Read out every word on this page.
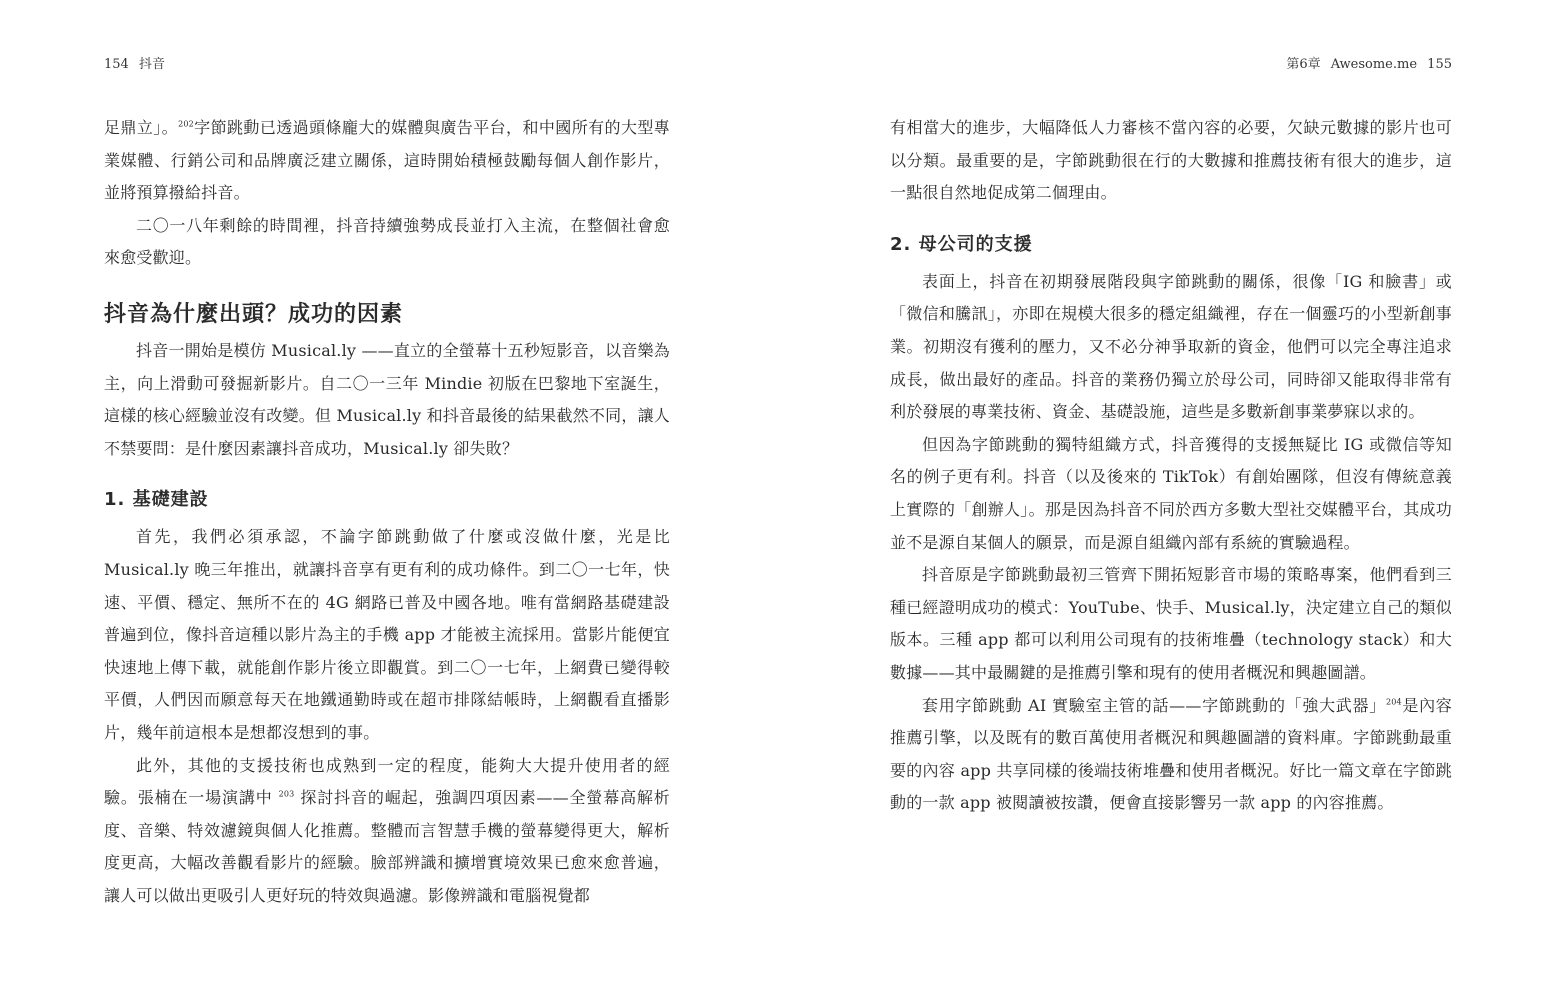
154 抖音

足鼎立」。$^{202}$字節跳動已透過頭條龐大的媒體與廣告平台，和中國所有的大型專業媒體、行銷公司和品牌廣泛建立關係，這時開始積極鼓勵每個人創作影片，並將預算撥給抖音。

二〇一八年剩餘的時間裡，抖音持續強勢成長並打入主流，在整個社會愈來愈受歡迎。

抖音為什麼出頭？成功的因素

抖音一開始是模仿 Musical.ly ——直立的全螢幕十五秒短影音，以音樂為主，向上滑動可發掘新影片。自二〇一三年 Mindie 初版在巴黎地下室誕生，這樣的核心經驗並沒有改變。但 Musical.ly 和抖音最後的結果截然不同，讓人不禁要問：是什麼因素讓抖音成功，Musical.ly 卻失敗？

1. 基礎建設

首先，我們必須承認，不論字節跳動做了什麼或沒做什麼，光是比 Musical.ly 晚三年推出，就讓抖音享有更有利的成功條件。到二〇一七年，快速、平價、穩定、無所不在的 4G 網路已普及中國各地。唯有當網路基礎建設普遍到位，像抖音這種以影片為主的手機 app 才能被主流採用。當影片能便宜快速地上傳下載，就能創作影片後立即觀賞。到二〇一七年，上網費已變得較平價，人們因而願意每天在地鐵通勤時或在超市排隊結帳時，上網觀看直播影片，幾年前這根本是想都沒想到的事。

此外，其他的支援技術也成熟到一定的程度，能夠大大提升使用者的經驗。張楠在一場演講中 $^{203}$ 探討抖音的崛起，強調四項因素——全螢幕高解析度、音樂、特效濾鏡與個人化推薦。整體而言智慧手機的螢幕變得更大，解析度更高，大幅改善觀看影片的經驗。臉部辨識和擴增實境效果已愈來愈普遍，讓人可以做出更吸引人更好玩的特效與過濾。影像辨識和電腦視覺都

第6章 Awesome.me 155

有相當大的進步，大幅降低人力審核不當內容的必要，欠缺元數據的影片也可以分類。最重要的是，字節跳動很在行的大數據和推薦技術有很大的進步，這一點很自然地促成第二個理由。

2. 母公司的支援

表面上，抖音在初期發展階段與字節跳動的關係，很像「IG 和臉書」或「微信和騰訊」，亦即在規模大很多的穩定組織裡，存在一個靈巧的小型新創事業。初期沒有獲利的壓力，又不必分神爭取新的資金，他們可以完全專注追求成長，做出最好的產品。抖音的業務仍獨立於母公司，同時卻又能取得非常有利於發展的專業技術、資金、基礎設施，這些是多數新創事業夢寐以求的。

但因為字節跳動的獨特組織方式，抖音獲得的支援無疑比 IG 或微信等知名的例子更有利。抖音（以及後來的 TikTok）有創始團隊，但沒有傳統意義上實際的「創辦人」。那是因為抖音不同於西方多數大型社交媒體平台，其成功並不是源自某個人的願景，而是源自組織內部有系統的實驗過程。

抖音原是字節跳動最初三管齊下開拓短影音市場的策略專案，他們看到三種已經證明成功的模式：YouTube、快手、Musical.ly，決定建立自己的類似版本。三種 app 都可以利用公司現有的技術堆疊（technology stack）和大數據——其中最關鍵的是推薦引擎和現有的使用者概況和興趣圖譜。

套用字節跳動 AI 實驗室主管的話——字節跳動的「強大武器」$^{204}$是內容推薦引擎，以及既有的數百萬使用者概況和興趣圖譜的資料庫。字節跳動最重要的內容 app 共享同樣的後端技術堆疊和使用者概況。好比一篇文章在字節跳動的一款 app 被閱讀被按讚，便會直接影響另一款 app 的內容推薦。
